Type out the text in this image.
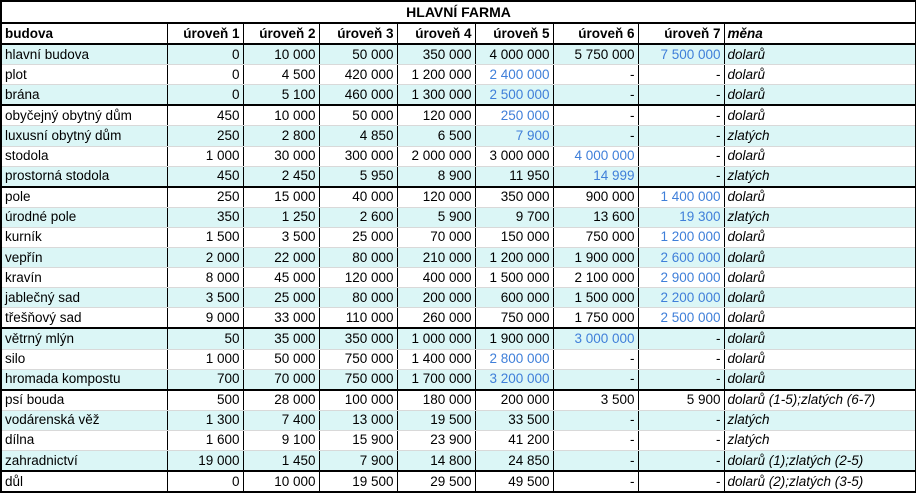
HLAVNÍ FARMA								
budova	úroveň 1	úroveň 2	úroveň 3	úroveň 4	úroveň 5	úroveň 6	úroveň 7	měna
hlavní budova	0	10 000	50 000	350 000	4 000 000	5 750 000	7 500 000	dolarů
plot	0	4 500	420 000	1 200 000	2 400 000	-	-	dolarů
brána	0	5 100	460 000	1 300 000	2 500 000	-	-	dolarů
obyčejný obytný dům	450	10 000	50 000	120 000	250 000	-	-	dolarů
luxusní obytný dům	250	2 800	4 850	6 500	7 900	-	-	zlatých
stodola	1 000	30 000	300 000	2 000 000	3 000 000	4 000 000	-	dolarů
prostorná stodola	450	2 450	5 950	8 900	11 950	14 999	-	zlatých
pole	250	15 000	40 000	120 000	350 000	900 000	1 400 000	dolarů
úrodné pole	350	1 250	2 600	5 900	9 700	13 600	19 300	zlatých
kurník	1 500	3 500	25 000	70 000	150 000	750 000	1 200 000	dolarů
vepřín	2 000	22 000	80 000	210 000	1 200 000	1 900 000	2 600 000	dolarů
kravín	8 000	45 000	120 000	400 000	1 500 000	2 100 000	2 900 000	dolarů
jablečný sad	3 500	25 000	80 000	200 000	600 000	1 500 000	2 200 000	dolarů
třešňový sad	9 000	33 000	110 000	260 000	750 000	1 750 000	2 500 000	dolarů
větrný mlýn	50	35 000	350 000	1 000 000	1 900 000	3 000 000	-	dolarů
silo	1 000	50 000	750 000	1 400 000	2 800 000	-	-	dolarů
hromada kompostu	700	70 000	750 000	1 700 000	3 200 000	-	-	dolarů
psí bouda	500	28 000	100 000	180 000	200 000	3 500	5 900	dolarů (1-5);zlatých (6-7)
vodárenská věž	1 300	7 400	13 000	19 500	33 500	-	-	zlatých
dílna	1 600	9 100	15 900	23 900	41 200	-	-	zlatých
zahradnictví	19 000	1 450	7 900	14 800	24 850	-	-	dolarů (1);zlatých (2-5)
důl	0	10 000	19 500	29 500	49 500	-	-	dolarů (2);zlatých (3-5)
